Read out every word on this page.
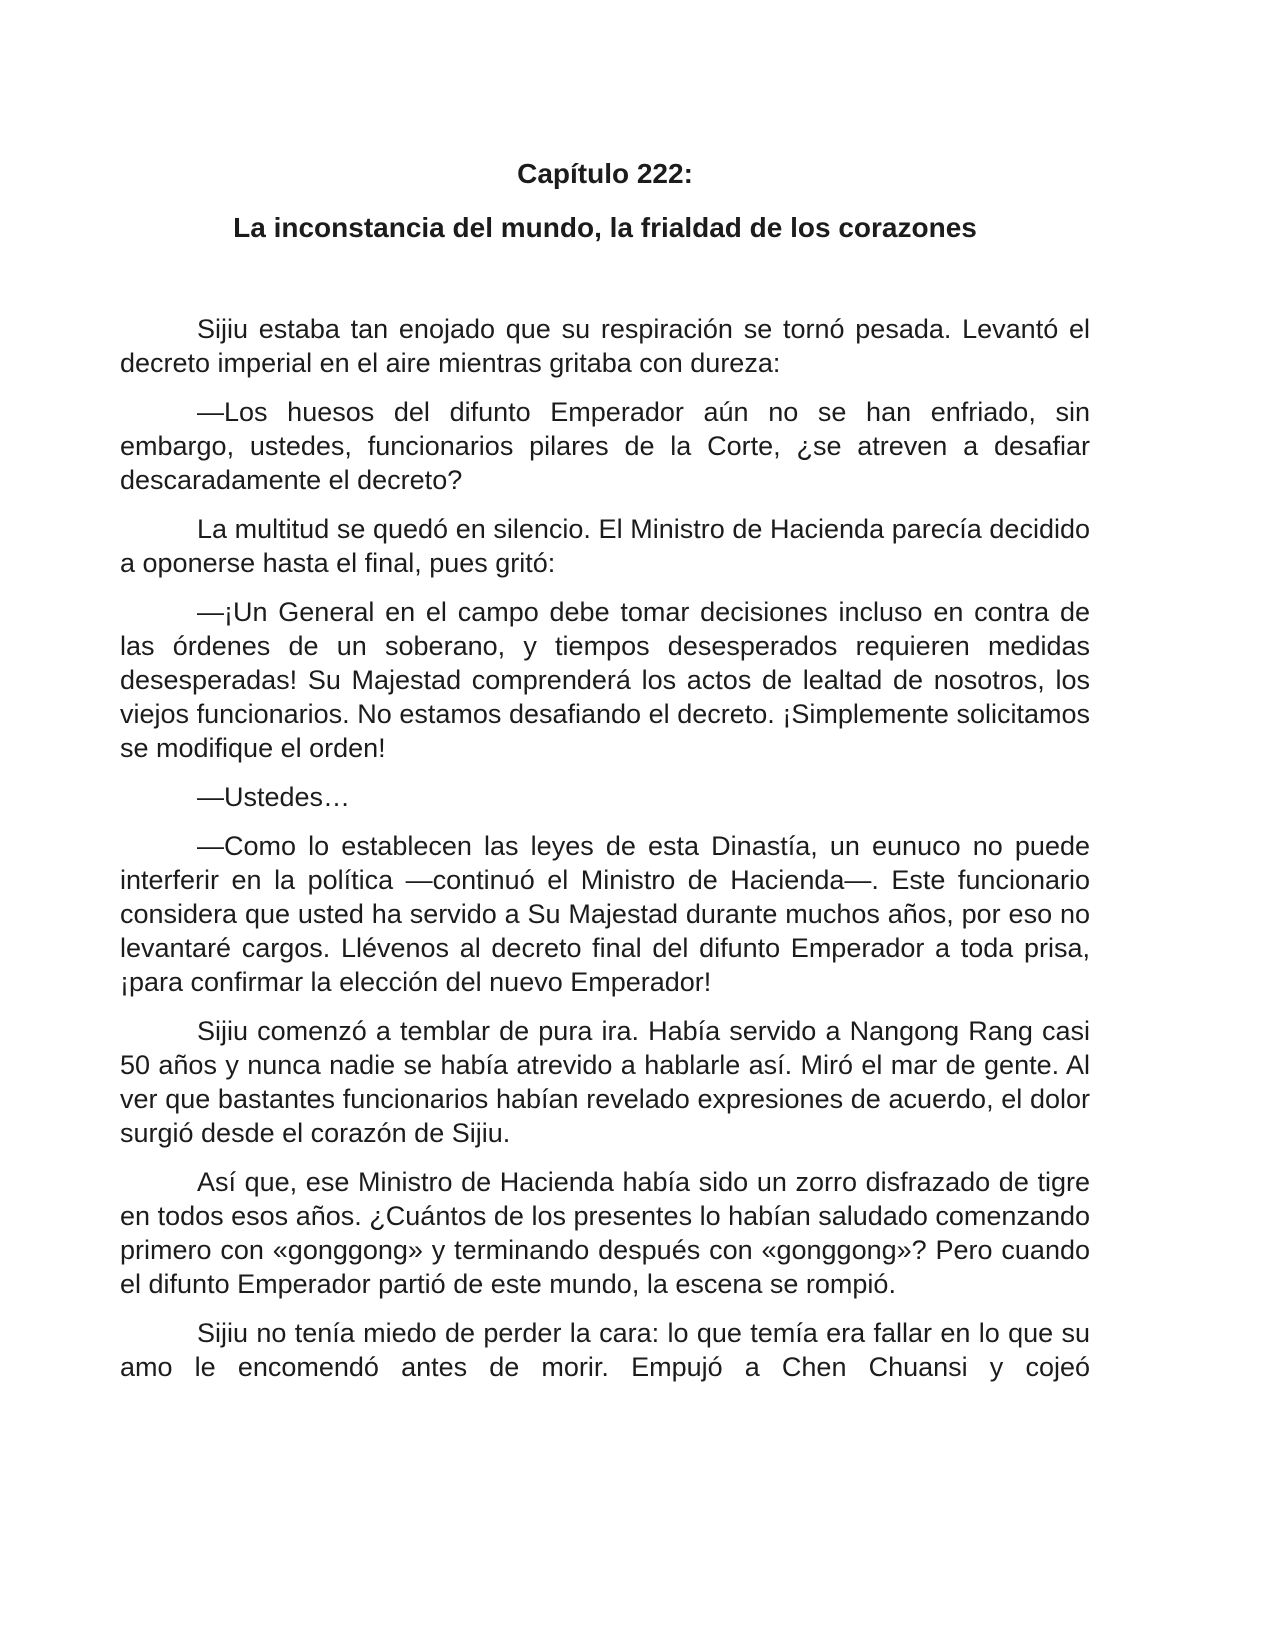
Capítulo 222:
La inconstancia del mundo, la frialdad de los corazones

Sijiu estaba tan enojado que su respiración se tornó pesada. Levantó el decreto imperial en el aire mientras gritaba con dureza:

—Los huesos del difunto Emperador aún no se han enfriado, sin embargo, ustedes, funcionarios pilares de la Corte, ¿se atreven a desafiar descaradamente el decreto?

La multitud se quedó en silencio. El Ministro de Hacienda parecía decidido a oponerse hasta el final, pues gritó:

—¡Un General en el campo debe tomar decisiones incluso en contra de las órdenes de un soberano, y tiempos desesperados requieren medidas desesperadas! Su Majestad comprenderá los actos de lealtad de nosotros, los viejos funcionarios. No estamos desafiando el decreto. ¡Simplemente solicitamos se modifique el orden!

—Ustedes…

—Como lo establecen las leyes de esta Dinastía, un eunuco no puede interferir en la política —continuó el Ministro de Hacienda—. Este funcionario considera que usted ha servido a Su Majestad durante muchos años, por eso no levantaré cargos. Llévenos al decreto final del difunto Emperador a toda prisa, ¡para confirmar la elección del nuevo Emperador!

Sijiu comenzó a temblar de pura ira. Había servido a Nangong Rang casi 50 años y nunca nadie se había atrevido a hablarle así. Miró el mar de gente. Al ver que bastantes funcionarios habían revelado expresiones de acuerdo, el dolor surgió desde el corazón de Sijiu.

Así que, ese Ministro de Hacienda había sido un zorro disfrazado de tigre en todos esos años. ¿Cuántos de los presentes lo habían saludado comenzando primero con «gonggong» y terminando después con «gonggong»? Pero cuando el difunto Emperador partió de este mundo, la escena se rompió.

Sijiu no tenía miedo de perder la cara: lo que temía era fallar en lo que su amo le encomendó antes de morir. Empujó a Chen Chuansi y cojeó
